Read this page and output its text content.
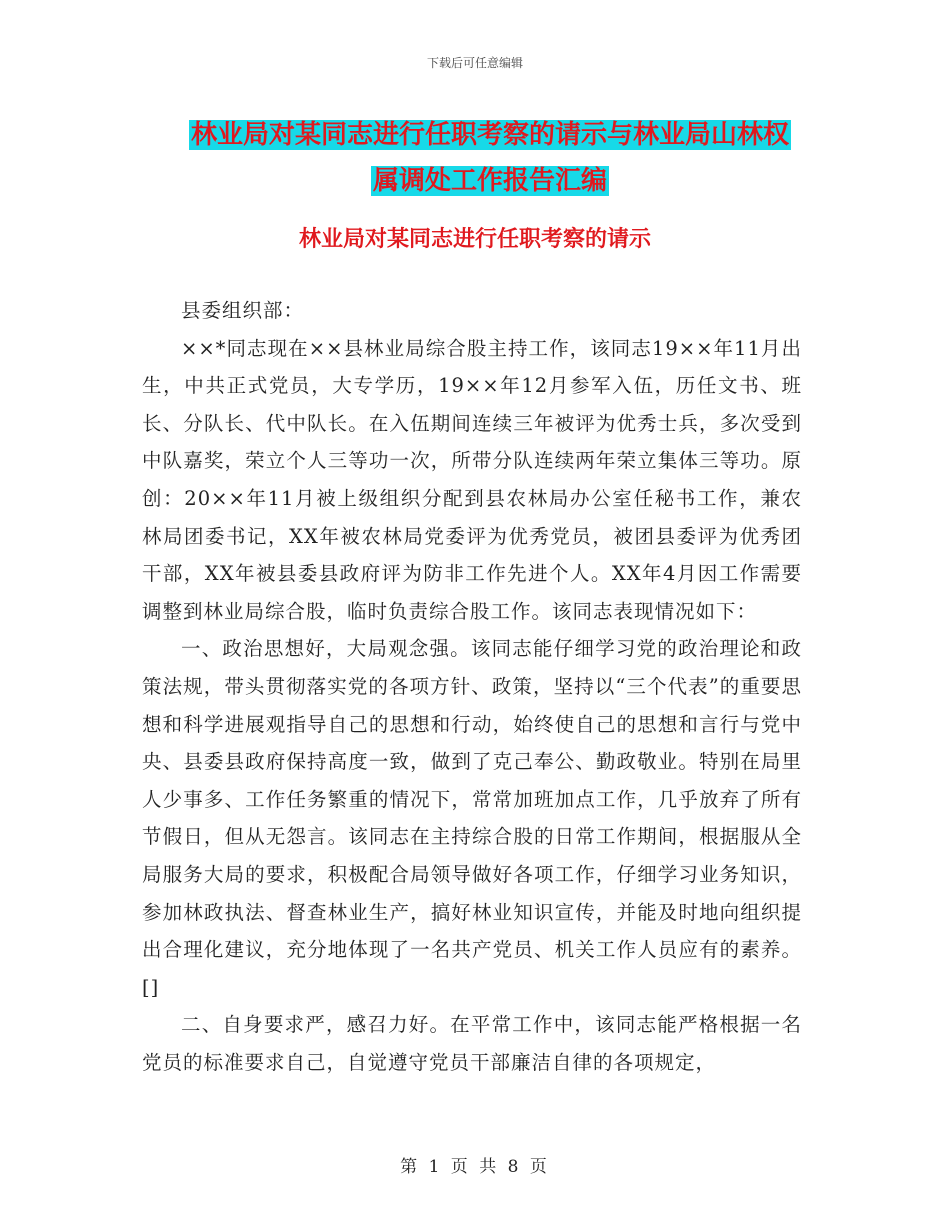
下载后可任意编辑
林业局对某同志进行任职考察的请示与林业局山林权
属调处工作报告汇编
林业局对某同志进行任职考察的请示

县委组织部：

××*同志现在××县林业局综合股主持工作，该同志19××年11月出生，中共正式党员，大专学历，19××年12月参军入伍，历任文书、班长、分队长、代中队长。在入伍期间连续三年被评为优秀士兵，多次受到中队嘉奖，荣立个人三等功一次，所带分队连续两年荣立集体三等功。原创：20××年11月被上级组织分配到县农林局办公室任秘书工作，兼农林局团委书记，XX年被农林局党委评为优秀党员，被团县委评为优秀团干部，XX年被县委县政府评为防非工作先进个人。XX年4月因工作需要调整到林业局综合股，临时负责综合股工作。该同志表现情况如下：

一、政治思想好，大局观念强。该同志能仔细学习党的政治理论和政策法规，带头贯彻落实党的各项方针、政策，坚持以“三个代表”的重要思想和科学进展观指导自己的思想和行动，始终使自己的思想和言行与党中央、县委县政府保持高度一致，做到了克己奉公、勤政敬业。特别在局里人少事多、工作任务繁重的情况下，常常加班加点工作，几乎放弃了所有节假日，但从无怨言。该同志在主持综合股的日常工作期间，根据服从全局服务大局的要求，积极配合局领导做好各项工作，仔细学习业务知识，参加林政执法、督查林业生产，搞好林业知识宣传，并能及时地向组织提出合理化建议，充分地体现了一名共产党员、机关工作人员应有的素养。[]

二、自身要求严，感召力好。在平常工作中，该同志能严格根据一名党员的标准要求自己，自觉遵守党员干部廉洁自律的各项规定，

第 1 页 共 8 页
